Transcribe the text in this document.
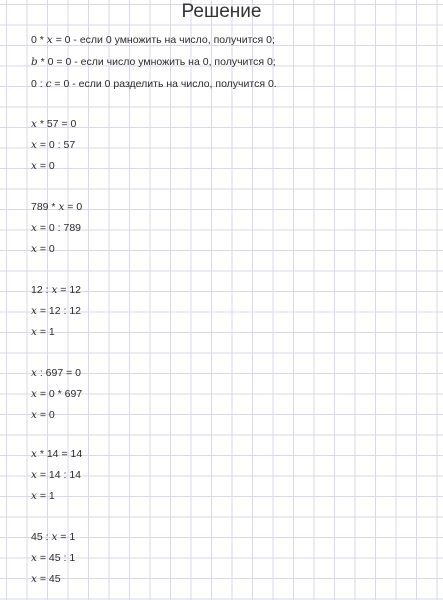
Решение
0 * x = 0 - если 0 умножить на число, получится 0;
b * 0 = 0 - если число умножить на 0, получится 0;
0 : c = 0 - если 0 разделить на число, получится 0.
x * 57 = 0
x = 0 : 57
x = 0
789 * x = 0
x = 0 : 789
x = 0
12 : x = 12
x = 12 : 12
x = 1
x : 697 = 0
x = 0 * 697
x = 0
x * 14 = 14
x = 14 : 14
x = 1
45 : x = 1
x = 45 : 1
x = 45
